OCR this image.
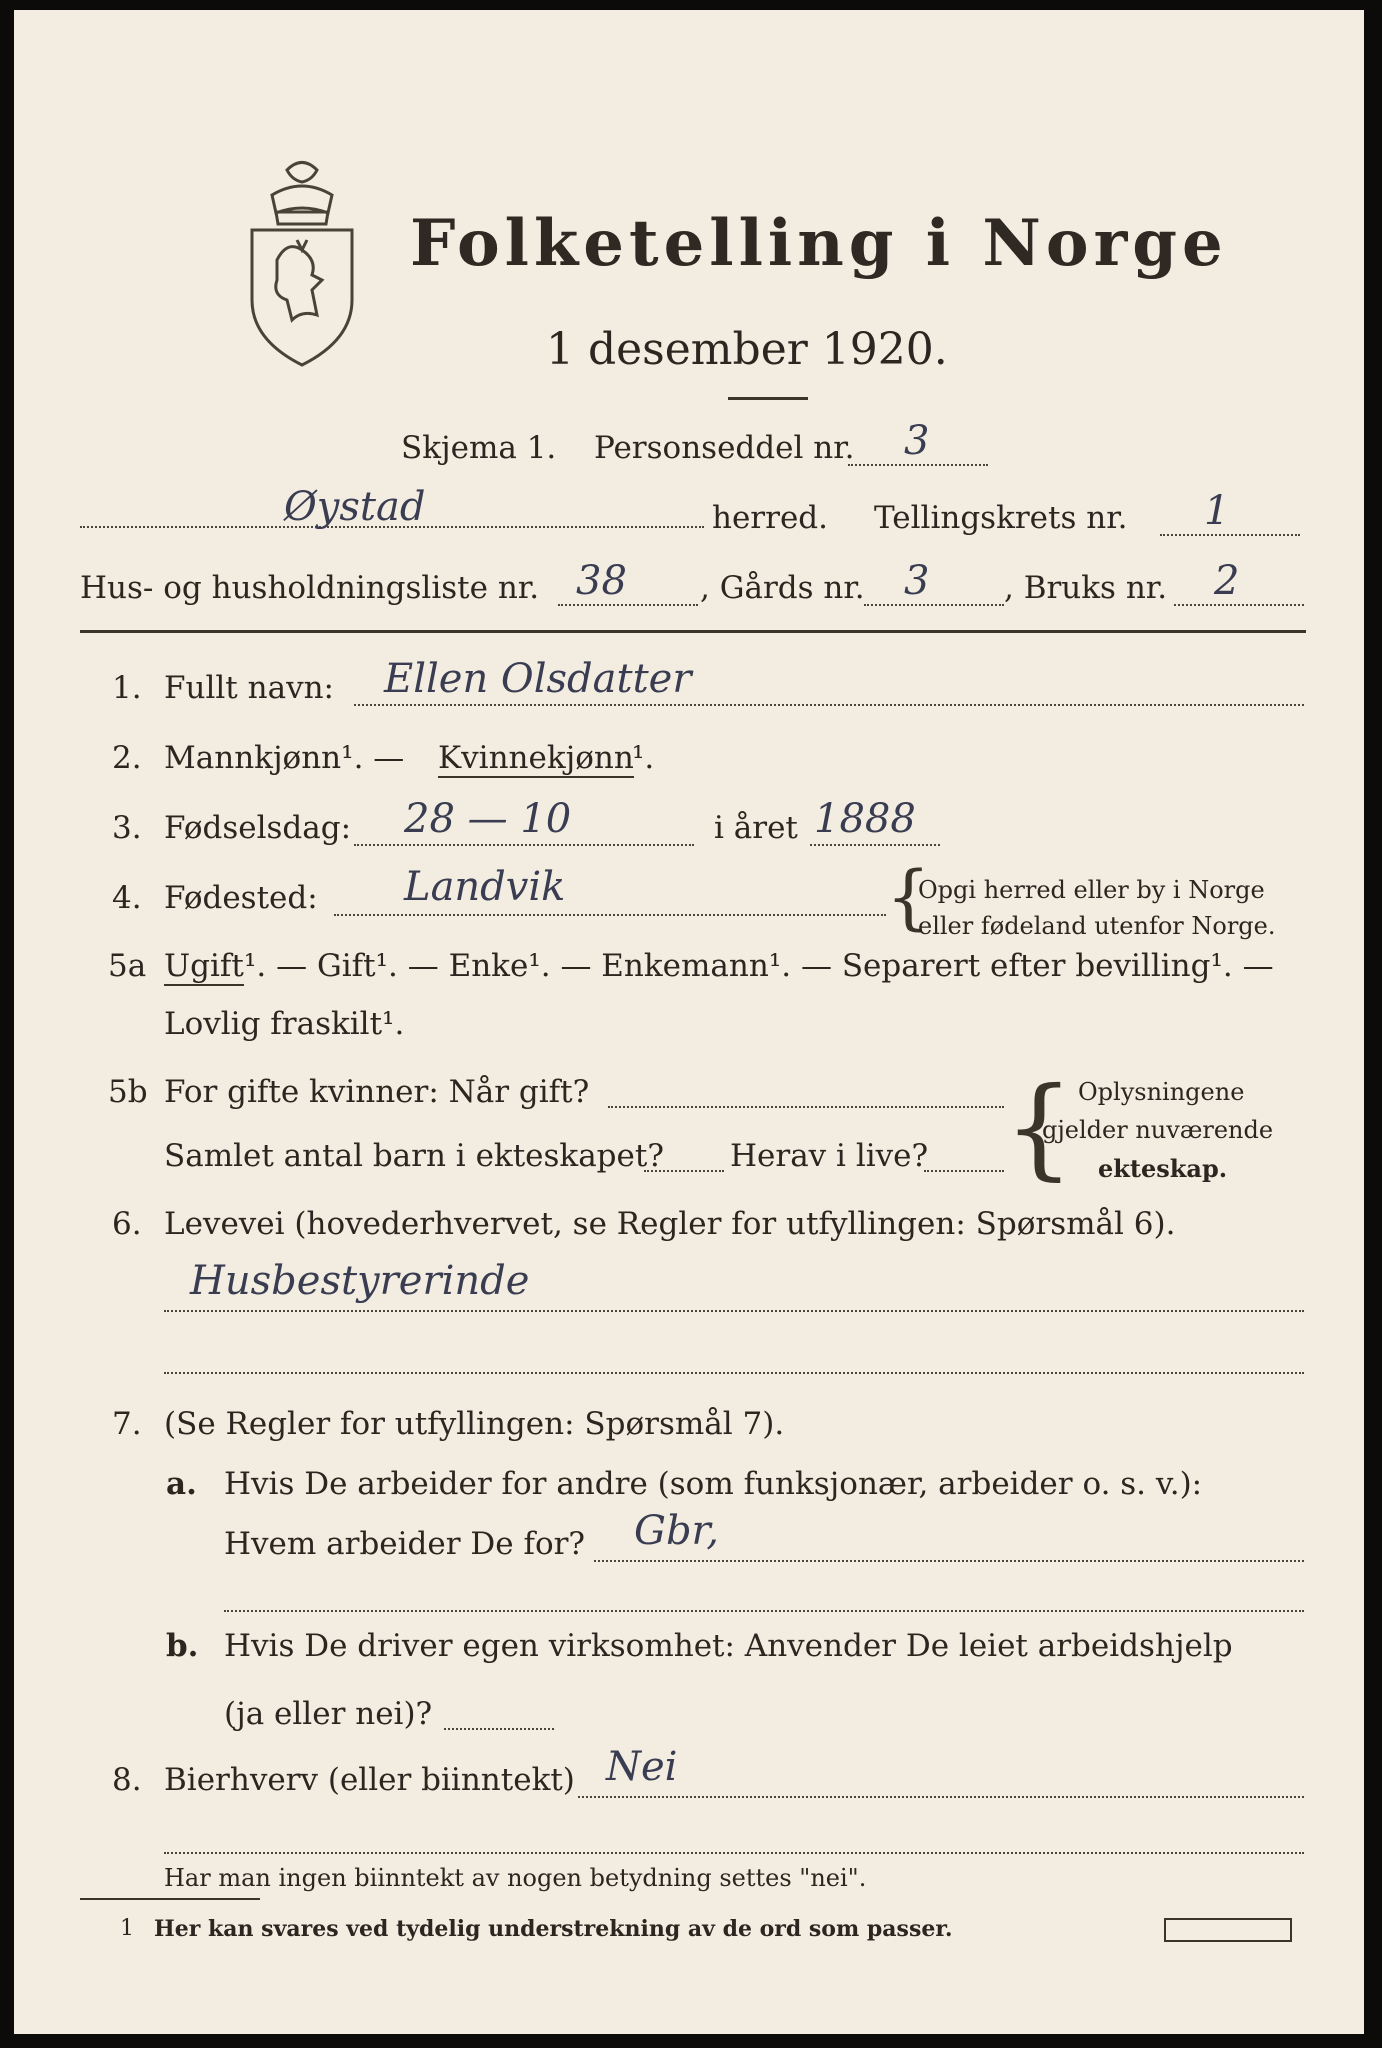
Folketelling i Norge
1 desember 1920.
Skjema 1. Personseddel nr. 3
Øystad	herred. Tellingskrets nr. 1
Hus- og husholdningsliste nr. 38 , Gårds nr. 3 , Bruks nr. 2
1. Fullt navn: Ellen Olsdatter
2. Mannkjønn¹. — Kvinnekjønn
¹.
3. Fødselsdag: 28 — 10	i året 1888
4. Fødested: Landvik	{
Opgi herred eller by i Norge
eller fødeland utenfor Norge.
5a Ugift ¹. — Gift¹. — Enke¹. — Enkemann¹. — Separert efter bevilling¹. —
Lovlig fraskilt¹.
5b For gifte kvinner: Når gift?
Samlet antal barn i ekteskapet? Herav i live? { Oplysningene
gjelder nuværende
ekteskap.
6. Levevei (hovederhvervet, se Regler for utfyllingen: Spørsmål 6).
Husbestyrerinde
7. (Se Regler for utfyllingen: Spørsmål 7).
a. Hvis De arbeider for andre (som funksjonær, arbeider o. s. v.):
Hvem arbeider De for? Gbr,
b. Hvis De driver egen virksomhet: Anvender De leiet arbeidshjelp
(ja eller nei)?
8. Bierhverv (eller biinntekt) Nei
Har man ingen biinntekt av nogen betydning settes "nei".
1 Her kan svares ved tydelig understrekning av de ord som passer.
